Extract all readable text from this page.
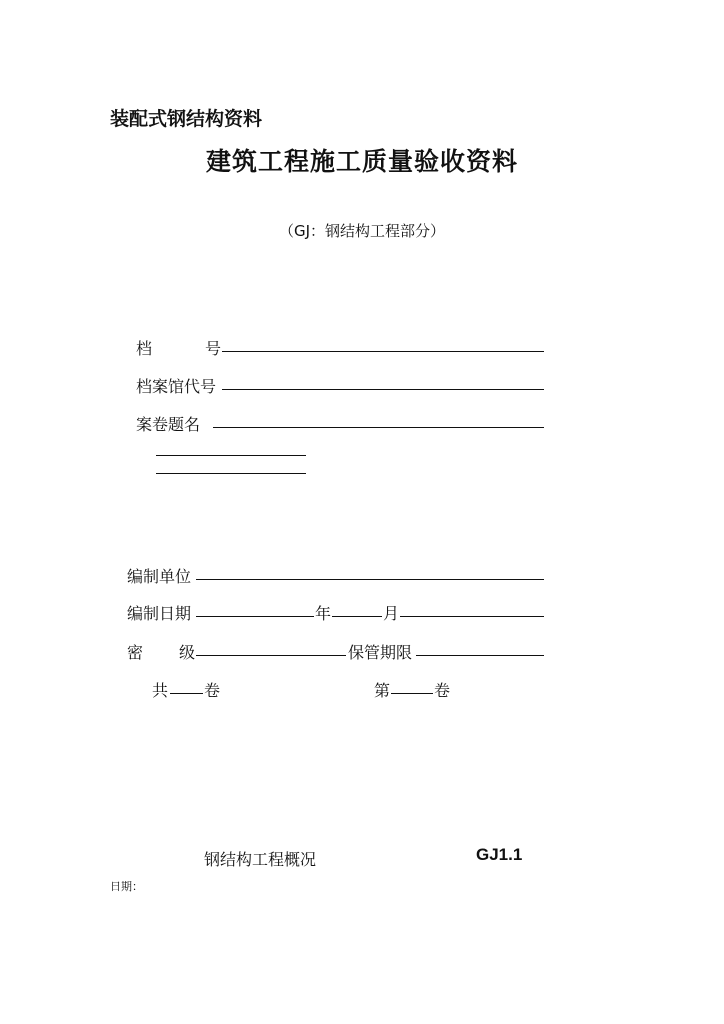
装配式钢结构资料
建筑工程施工质量验收资料
（GJ：钢结构工程部分）
档	号
档案馆代号
案卷题名
编制单位
编制日期	年	月
密 级	保管期限
共 卷	第	卷
钢结构工程概况	GJ1.1
日期：
